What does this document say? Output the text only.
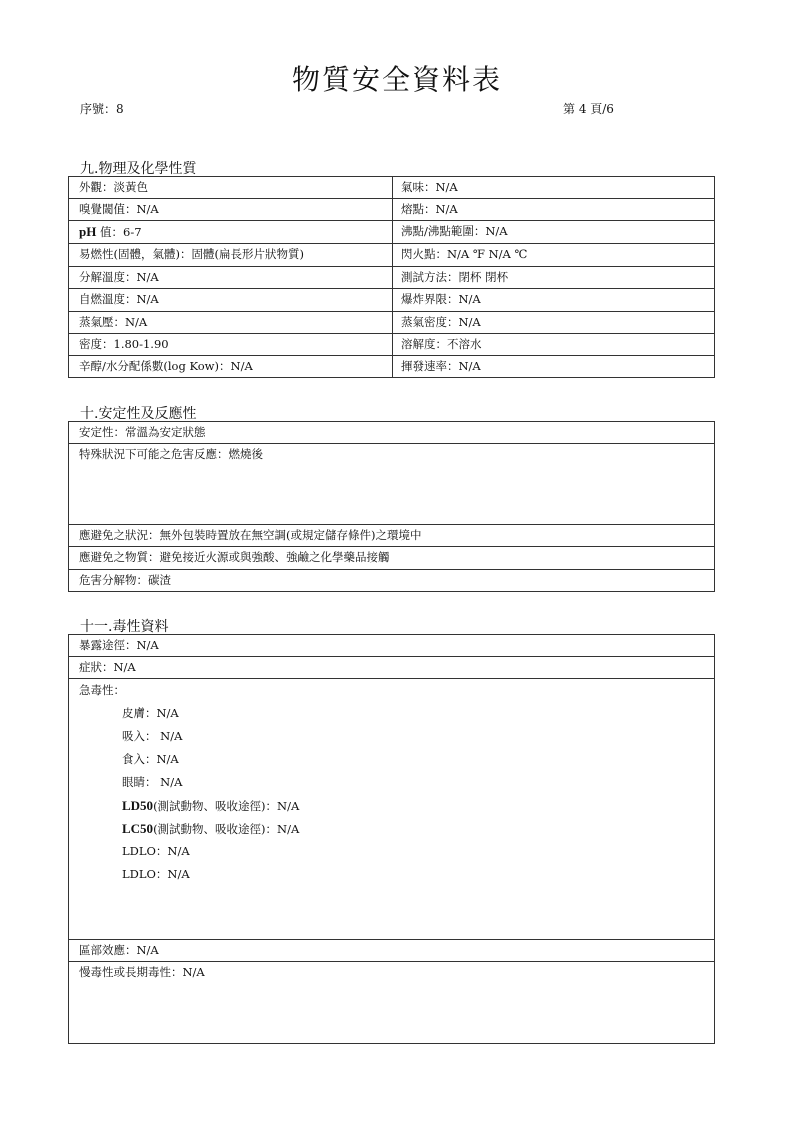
物質安全資料表
序號：8	第 4 頁/6
九.物理及化學性質
外觀：淡黃色	氣味：N/A
嗅覺閾值：N/A	熔點：N/A
pH 值：6-7	沸點/沸點範圍：N/A
易燃性(固體，氣體)：固體(扁長形片狀物質)	閃火點：N/A ℉ N/A ℃
分解溫度：N/A	測試方法：閉杯 閉杯
自燃溫度：N/A	爆炸界限：N/A
蒸氣壓：N/A	蒸氣密度：N/A
密度：1.80-1.90	溶解度：不溶水
辛醇/水分配係數(log Kow)：N/A	揮發速率：N/A
十.安定性及反應性
安定性：常溫為安定狀態
特殊狀況下可能之危害反應：燃燒後
應避免之狀況：無外包裝時置放在無空調(或規定儲存條件)之環境中
應避免之物質：避免接近火源或與強酸、強鹼之化學藥品接觸
危害分解物：碳渣
十一.毒性資料
暴露途徑：N/A
症狀：N/A

急毒性：
皮膚：N/A
吸入： N/A
食入：N/A
眼睛： N/A
LD50(測試動物、吸收途徑)：N/A
LC50(測試動物、吸收途徑)：N/A
LDLO：N/A
LDLO：N/A

區部效應：N/A
慢毒性或長期毒性：N/A
